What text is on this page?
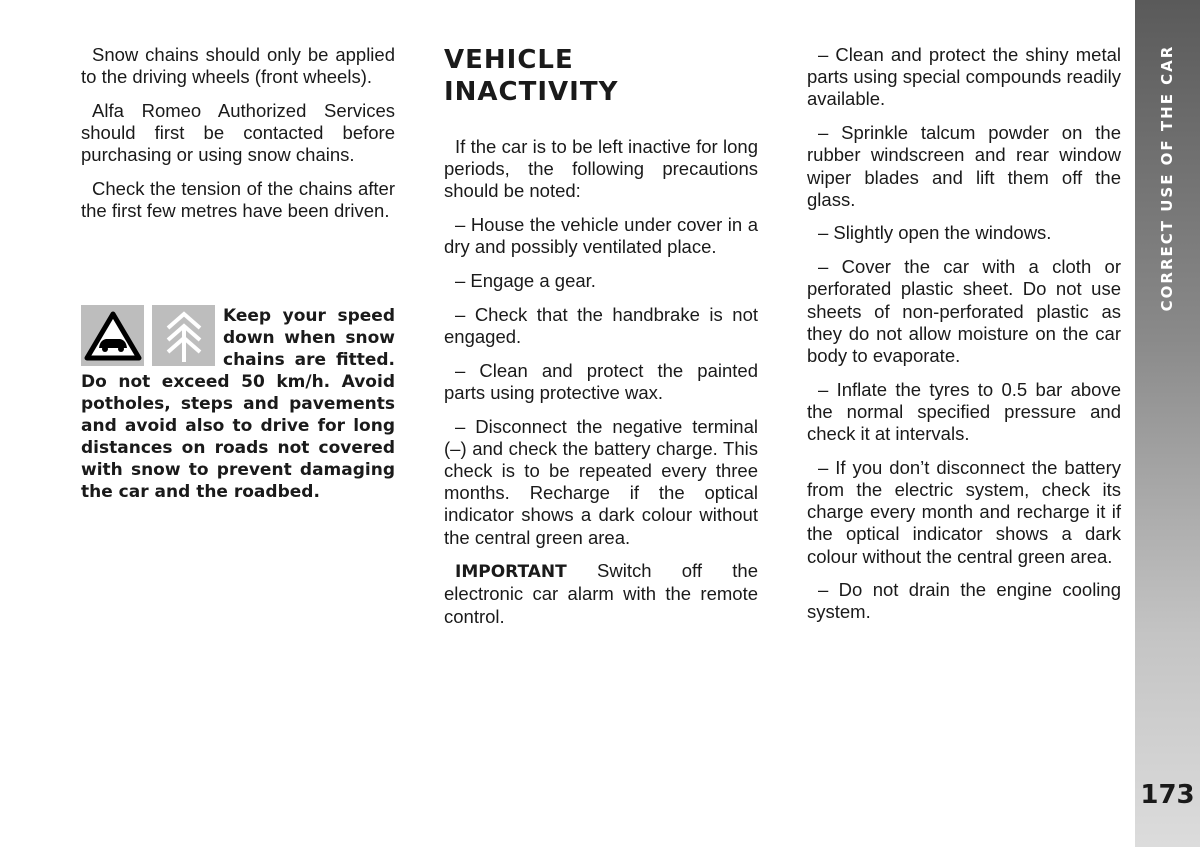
Snow chains should only be applied to the driving wheels (front wheels).

Alfa Romeo Authorized Services should first be contacted before purchasing or using snow chains.

Check the tension of the chains after the first few metres have been driven.

Keep your speed down when snow chains are fitted. Do not exceed 50 km/h. Avoid potholes, steps and pavements and avoid also to drive for long distances on roads not covered with snow to prevent damaging the car and the roadbed.

VEHICLE INACTIVITY

If the car is to be left inactive for long periods, the following precautions should be noted:

– House the vehicle under cover in a dry and possibly ventilated place.

– Engage a gear.

– Check that the handbrake is not engaged.

– Clean and protect the painted parts using protective wax.

– Disconnect the negative terminal (–) and check the battery charge. This check is to be repeated every three months. Recharge if the optical indicator shows a dark colour without the central green area.

IMPORTANT Switch off the electronic car alarm with the remote control.

– Clean and protect the shiny metal parts using special compounds readily available.

– Sprinkle talcum powder on the rubber windscreen and rear window wiper blades and lift them off the glass.

– Slightly open the windows.

– Cover the car with a cloth or perforated plastic sheet. Do not use sheets of non-perforated plastic as they do not allow moisture on the car body to evaporate.

– Inflate the tyres to 0.5 bar above the normal specified pressure and check it at intervals.

– If you don’t disconnect the battery from the electric system, check its charge every month and recharge it if the optical indicator shows a dark colour without the central green area.

– Do not drain the engine cooling system.

CORRECT USE OF THE CAR
173
